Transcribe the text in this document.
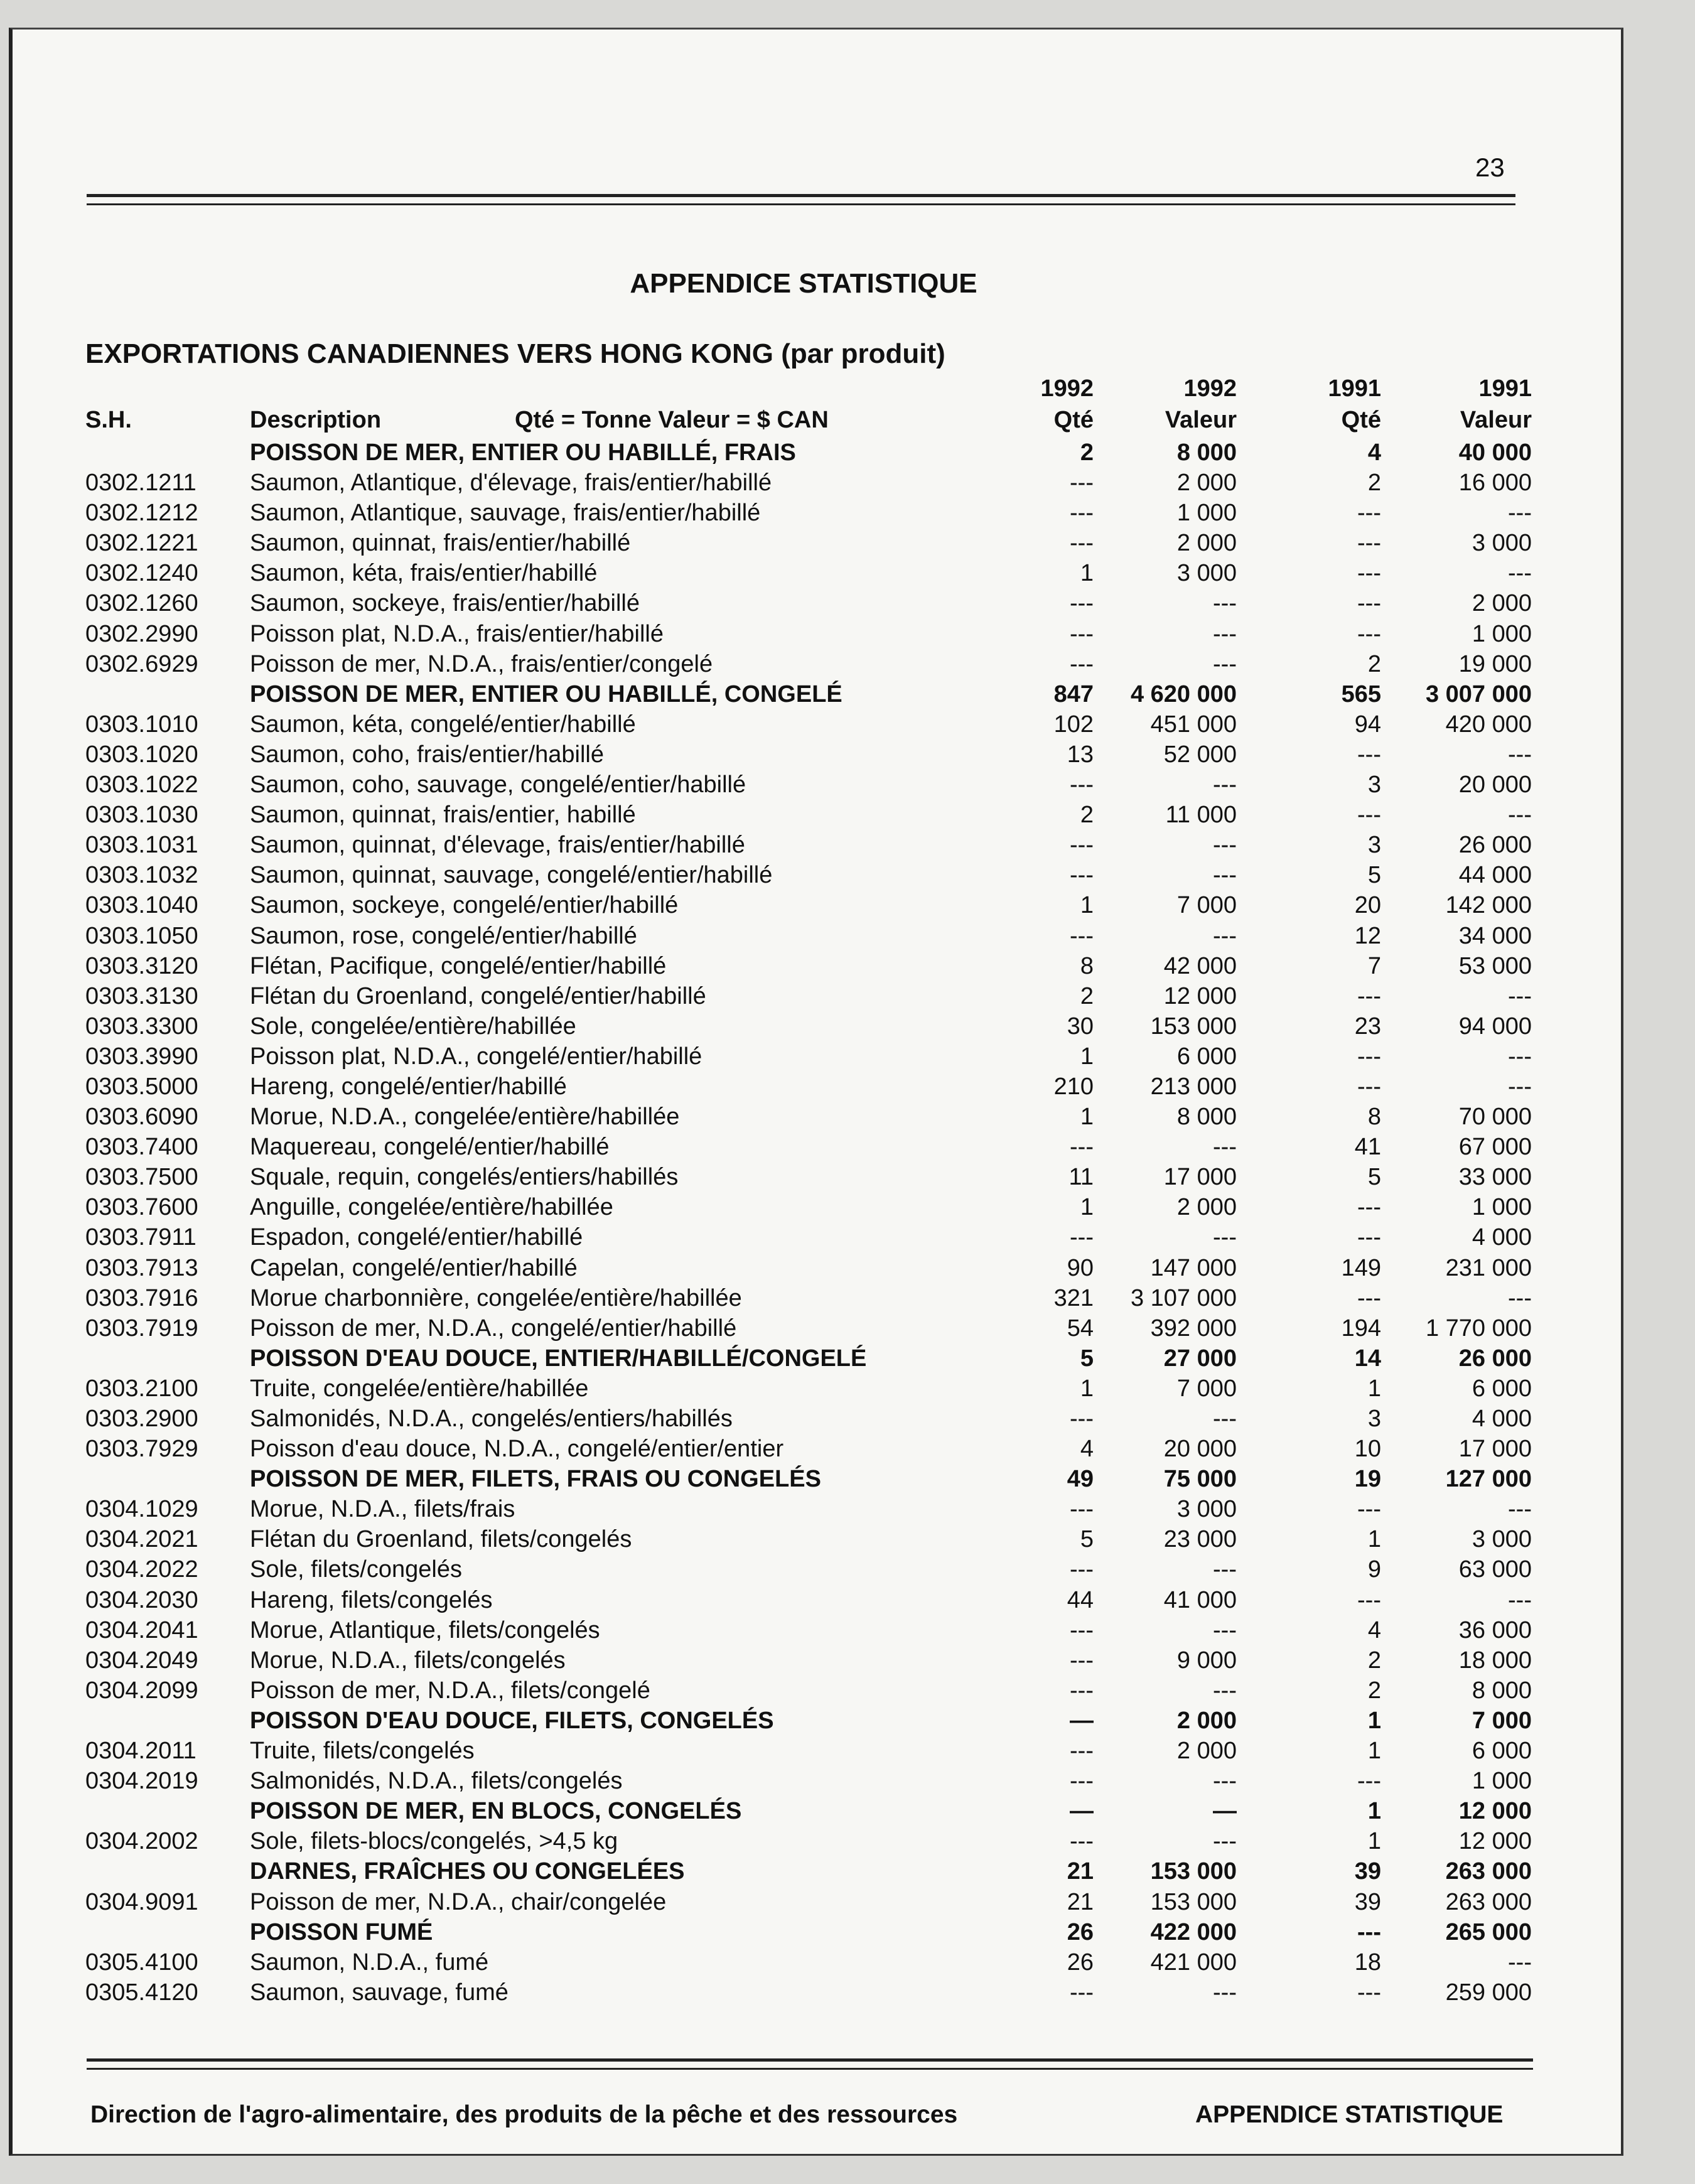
23
APPENDICE STATISTIQUE
EXPORTATIONS CANADIENNES VERS HONG KONG (par produit)
1992	1992	1991	1991
S.H.	Description	Qté = Tonne Valeur = $ CAN	Qté	Valeur	Qté	Valeur
POISSON DE MER, ENTIER OU HABILLÉ, FRAIS	2	8 000	4	40 000
0302.1211 Saumon, Atlantique, d'élevage, frais/entier/habillé	---	2 000	2	16 000
0302.1212 Saumon, Atlantique, sauvage, frais/entier/habillé	---	1 000	---	---
0302.1221 Saumon, quinnat, frais/entier/habillé	---	2 000	---	3 000
0302.1240 Saumon, kéta, frais/entier/habillé	1	3 000	---	---
0302.1260 Saumon, sockeye, frais/entier/habillé	---	---	---	2 000
0302.2990 Poisson plat, N.D.A., frais/entier/habillé	---	---	---	1 000
0302.6929 Poisson de mer, N.D.A., frais/entier/congelé	---	---	2	19 000
POISSON DE MER, ENTIER OU HABILLÉ, CONGELÉ	847	4 620 000	565	3 007 000
0303.1010 Saumon, kéta, congelé/entier/habillé	102	451 000	94	420 000
0303.1020 Saumon, coho, frais/entier/habillé	13	52 000	---	---
0303.1022 Saumon, coho, sauvage, congelé/entier/habillé	---	---	3	20 000
0303.1030 Saumon, quinnat, frais/entier, habillé	2	11 000	---	---
0303.1031 Saumon, quinnat, d'élevage, frais/entier/habillé	---	---	3	26 000
0303.1032 Saumon, quinnat, sauvage, congelé/entier/habillé	---	---	5	44 000
0303.1040 Saumon, sockeye, congelé/entier/habillé	1	7 000	20	142 000
0303.1050 Saumon, rose, congelé/entier/habillé	---	---	12	34 000
0303.3120 Flétan, Pacifique, congelé/entier/habillé	8	42 000	7	53 000
0303.3130 Flétan du Groenland, congelé/entier/habillé	2	12 000	---	---
0303.3300 Sole, congelée/entière/habillée	30	153 000	23	94 000
0303.3990 Poisson plat, N.D.A., congelé/entier/habillé	1	6 000	---	---
0303.5000 Hareng, congelé/entier/habillé	210	213 000	---	---
0303.6090 Morue, N.D.A., congelée/entière/habillée	1	8 000	8	70 000
0303.7400 Maquereau, congelé/entier/habillé	---	---	41	67 000
0303.7500 Squale, requin, congelés/entiers/habillés	11	17 000	5	33 000
0303.7600 Anguille, congelée/entière/habillée	1	2 000	---	1 000
0303.7911 Espadon, congelé/entier/habillé	---	---	---	4 000
0303.7913 Capelan, congelé/entier/habillé	90	147 000	149	231 000
0303.7916 Morue charbonnière, congelée/entière/habillée	321	3 107 000	---	---
0303.7919 Poisson de mer, N.D.A., congelé/entier/habillé	54	392 000	194	1 770 000
POISSON D'EAU DOUCE, ENTIER/HABILLÉ/CONGELÉ	5	27 000	14	26 000
0303.2100 Truite, congelée/entière/habillée	1	7 000	1	6 000
0303.2900 Salmonidés, N.D.A., congelés/entiers/habillés	---	---	3	4 000
0303.7929 Poisson d'eau douce, N.D.A., congelé/entier/entier	4	20 000	10	17 000
POISSON DE MER, FILETS, FRAIS OU CONGELÉS	49	75 000	19	127 000
0304.1029 Morue, N.D.A., filets/frais	---	3 000	---	---
0304.2021 Flétan du Groenland, filets/congelés	5	23 000	1	3 000
0304.2022 Sole, filets/congelés	---	---	9	63 000
0304.2030 Hareng, filets/congelés	44	41 000	---	---
0304.2041 Morue, Atlantique, filets/congelés	---	---	4	36 000
0304.2049 Morue, N.D.A., filets/congelés	---	9 000	2	18 000
0304.2099 Poisson de mer, N.D.A., filets/congelé	---	---	2	8 000
POISSON D'EAU DOUCE, FILETS, CONGELÉS	—	2 000	1	7 000
0304.2011 Truite, filets/congelés	---	2 000	1	6 000
0304.2019 Salmonidés, N.D.A., filets/congelés	---	---	---	1 000
POISSON DE MER, EN BLOCS, CONGELÉS	—	—	1	12 000
0304.2002 Sole, filets-blocs/congelés, >4,5 kg	---	---	1	12 000
DARNES, FRAÎCHES OU CONGELÉES	21	153 000	39	263 000
0304.9091 Poisson de mer, N.D.A., chair/congelée	21	153 000	39	263 000
POISSON FUMÉ	26	422 000	---	265 000
0305.4100 Saumon, N.D.A., fumé	26	421 000	18	---
0305.4120 Saumon, sauvage, fumé	---	---	---	259 000
Direction de l'agro-alimentaire, des produits de la pêche et des ressources	APPENDICE STATISTIQUE
